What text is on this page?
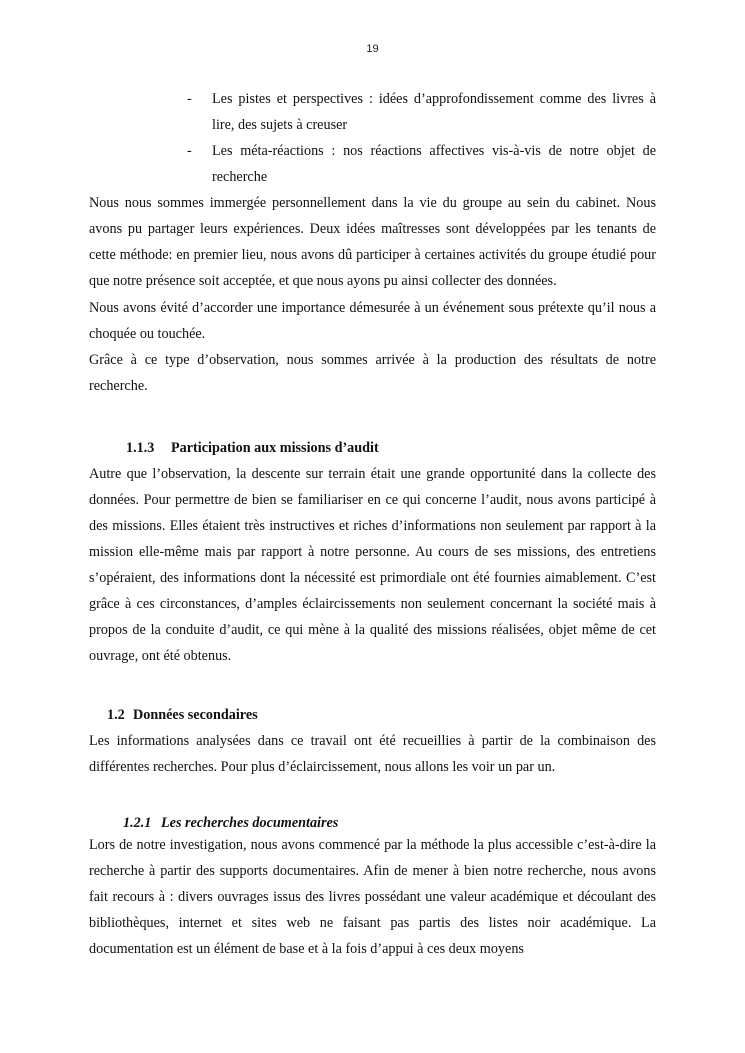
19
- Les pistes et perspectives : idées d’approfondissement comme des livres à lire, des sujets à creuser
- Les méta-réactions : nos réactions affectives vis-à-vis de notre objet de recherche

Nous nous sommes immergée personnellement dans la vie du groupe au sein du cabinet. Nous avons pu partager leurs expériences. Deux idées maîtresses sont développées par les tenants de cette méthode: en premier lieu, nous avons dû participer à certaines activités du groupe étudié pour que notre présence soit acceptée, et que nous ayons pu ainsi collecter des données.

Nous avons évité d’accorder une importance démesurée à un événement sous prétexte qu’il nous a choquée ou touchée.

Grâce à ce type d’observation, nous sommes arrivée à la production des résultats de notre recherche.

1.1.3 Participation aux missions d’audit

Autre que l’observation, la descente sur terrain était une grande opportunité dans la collecte des données. Pour permettre de bien se familiariser en ce qui concerne l’audit, nous avons participé à des missions. Elles étaient très instructives et riches d’informations non seulement par rapport à la mission elle-même mais par rapport à notre personne. Au cours de ses missions, des entretiens s’opéraient, des informations dont la nécessité est primordiale ont été fournies aimablement. C’est grâce à ces circonstances, d’amples éclaircissements non seulement concernant la société mais à propos de la conduite d’audit, ce qui mène à la qualité des missions réalisées, objet même de cet ouvrage, ont été obtenus.

1.2 Données secondaires

Les informations analysées dans ce travail ont été recueillies à partir de la combinaison des différentes recherches. Pour plus d’éclaircissement, nous allons les voir un par un.

1.2.1 Les recherches documentaires

Lors de notre investigation, nous avons commencé par la méthode la plus accessible c’est-à-dire la recherche à partir des supports documentaires. Afin de mener à bien notre recherche, nous avons fait recours à : divers ouvrages issus des livres possédant une valeur académique et découlant des bibliothèques, internet et sites web ne faisant pas partis des listes noir académique. La documentation est un élément de base et à la fois d’appui à ces deux moyens
